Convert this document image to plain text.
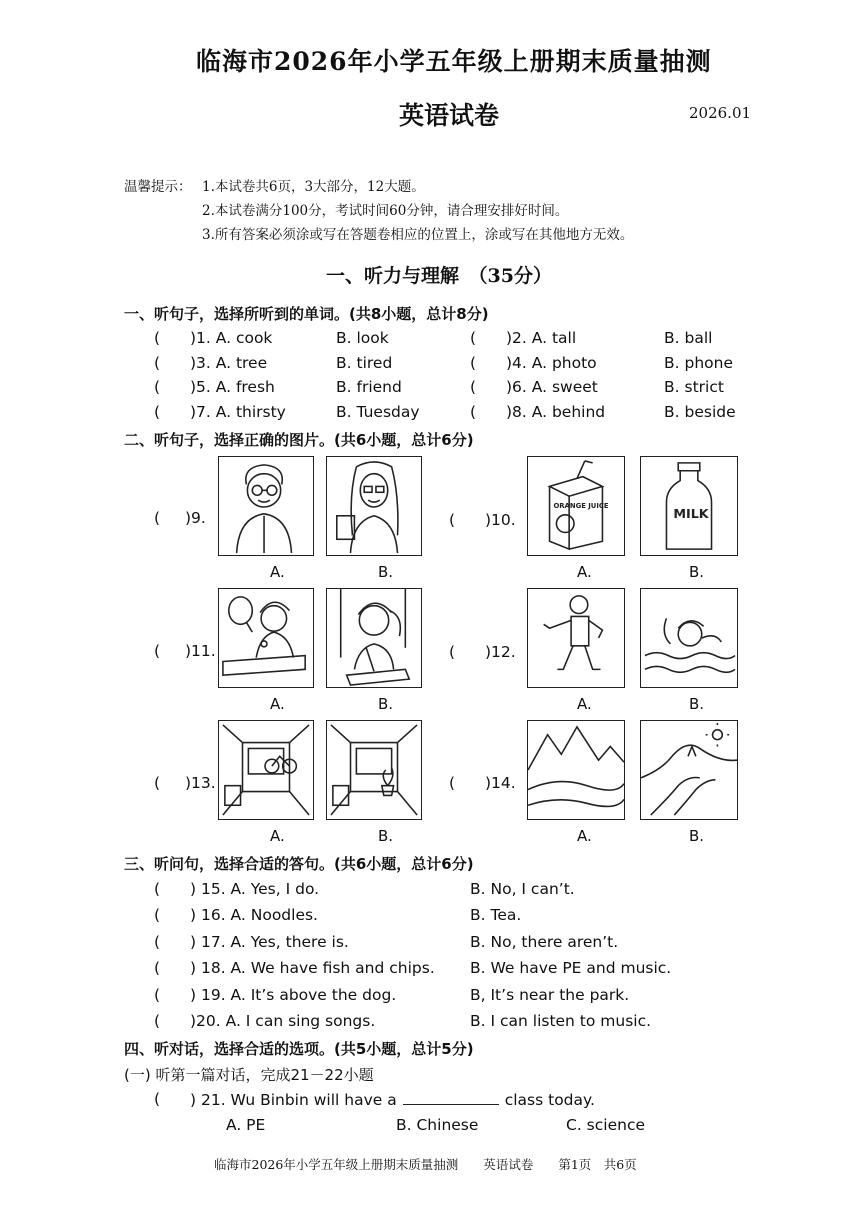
临海市2026年小学五年级上册期末质量抽测
英语试卷	2026.01
温馨提示： 1.本试卷共6页，3大部分，12大题。
2.本试卷满分100分，考试时间60分钟，请合理安排好时间。
3.所有答案必须涂或写在答题卷相应的位置上，涂或写在其他地方无效。
一、听力与理解　（35分）
一、听句子，选择所听到的单词。(共8小题，总计8分)
( )1. A. cook	B. look	( )2. A. tall	B. ball
( )3. A. tree	B. tired	( )4. A. photo	B. phone
( )5. A. fresh	B. friend	( )6. A. sweet	B. strict
( )7. A. thirsty	B. Tuesday	( )8. A. behind	B. beside
二、听句子，选择正确的图片。(共6小题，总计6分)
( )9.
A.	B.
( )10.
ORANGE JUICE
MILK
A.	B.
( )11.
A.	B.
( )12.
A.	B.
( )13.
A.	B.
( )14.
A.	B.
三、听问句，选择合适的答句。(共6小题，总计6分)
( ) 15. A. Yes, I do.	B. No, I can’t.
( ) 16. A. Noodles.	B. Tea.
( ) 17. A. Yes, there is.	B. No, there aren’t.
( ) 18. A. We have fish and chips. B. We have PE and music.
( ) 19. A. It’s above the dog.	B, It’s near the park.
( )20. A. I can sing songs.	B. I can listen to music.
四、听对话，选择合适的选项。(共5小题，总计5分)
(一) 听第一篇对话，完成21－22小题
( ) 21. Wu Binbin will have a	class today.
A. PE	B. Chinese	C. science
临海市2026年小学五年级上册期末质量抽测　　英语试卷　　第1页　共6页
